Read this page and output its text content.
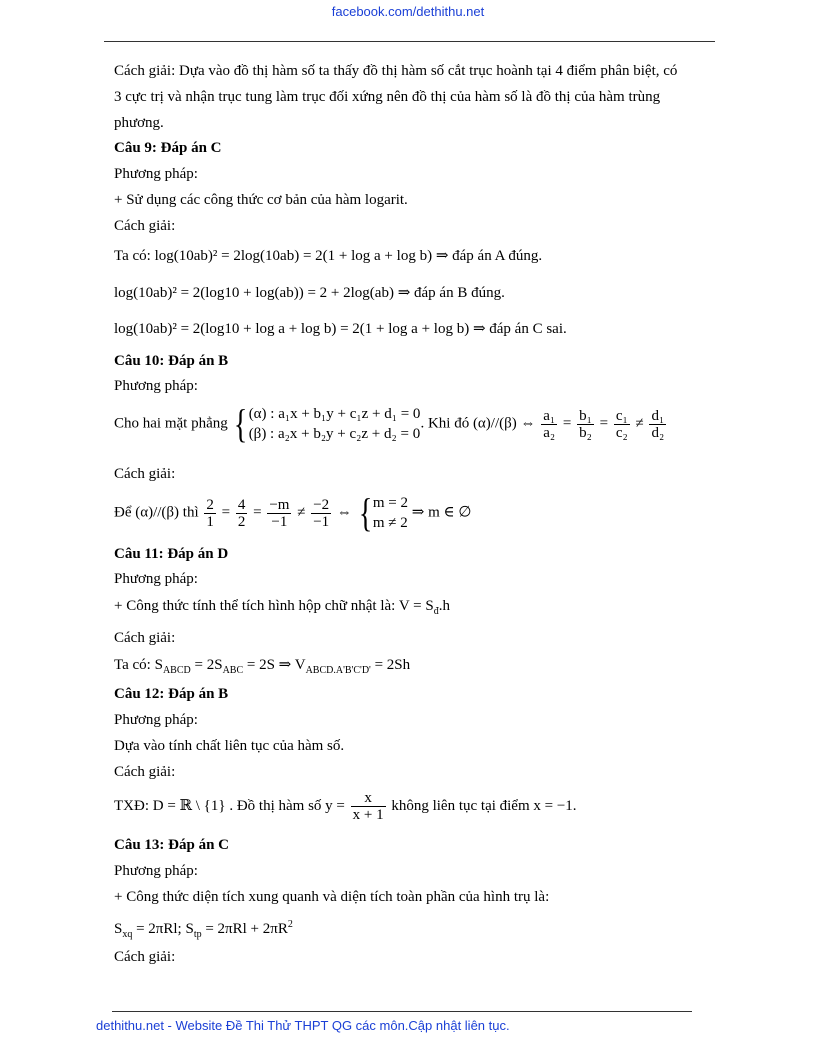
facebook.com/dethithu.net
Cách giải: Dựa vào đồ thị hàm số ta thấy đồ thị hàm số cắt trục hoành tại 4 điểm phân biệt, có
3 cực trị và nhận trục tung làm trục đối xứng nên đồ thị của hàm số là đồ thị của hàm trùng
phương.
Câu 9: Đáp án C
Phương pháp:
+ Sử dụng các công thức cơ bản của hàm logarit.
Cách giải:
Ta có: log(10ab)² = 2log(10ab) = 2(1 + log a + log b) ⇒ đáp án A đúng.
log(10ab)² = 2(log10 + log(ab)) = 2 + 2log(ab) ⇒ đáp án B đúng.
log(10ab)² = 2(log10 + log a + log b) = 2(1 + log a + log b) ⇒ đáp án C sai.
Câu 10: Đáp án B
Phương pháp:
Cho hai mặt phẳng { (α) : a₁x + b₁y + c₁z + d₁ = 0
(β) : a₂x + b₂y + c₂z + d₂ = 0
. Khi đó (α)//(β) ⇔ $\frac{\text{a₁}}{\text{a₂}} = \frac{\text{b₁}}{\text{b₂}} = \frac{\text{c₁}}{\text{c₂}} \ne \frac{\text{d₁}}{\text{d₂}}$
Cách giải:
Để (α)//(β) thì $\frac{2}{1} = \frac{4}{2} = \frac{-m}{-1} \ne \frac{-2}{-1}$ ⇔ { m = 2
m ≠ 2
⇒ m ∈ ∅
Câu 11: Đáp án D
Phương pháp:
+ Công thức tính thể tích hình hộp chữ nhật là: $V = S_đ.h$
Cách giải:
Ta có: $S_{ABCD} = 2S_{ABC} = 2S$ ⇒ $V_{ABCD.A'B'C'D'} = 2Sh$
Câu 12: Đáp án B
Phương pháp:
Dựa vào tính chất liên tục của hàm số.
Cách giải:
TXĐ: D = ℝ \ {1} . Đồ thị hàm số $y = \frac{x}{x + 1}$ không liên tục tại điểm x = −1.
Câu 13: Đáp án C
Phương pháp:
+ Công thức diện tích xung quanh và diện tích toàn phần của hình trụ là:
$S_{xq} = 2\pi Rl$; $S_{tp} = 2\pi Rl + 2\pi R^2$
Cách giải:
dethithu.net - Website Đề Thi Thử THPT QG các môn.Cập nhật liên tục.
